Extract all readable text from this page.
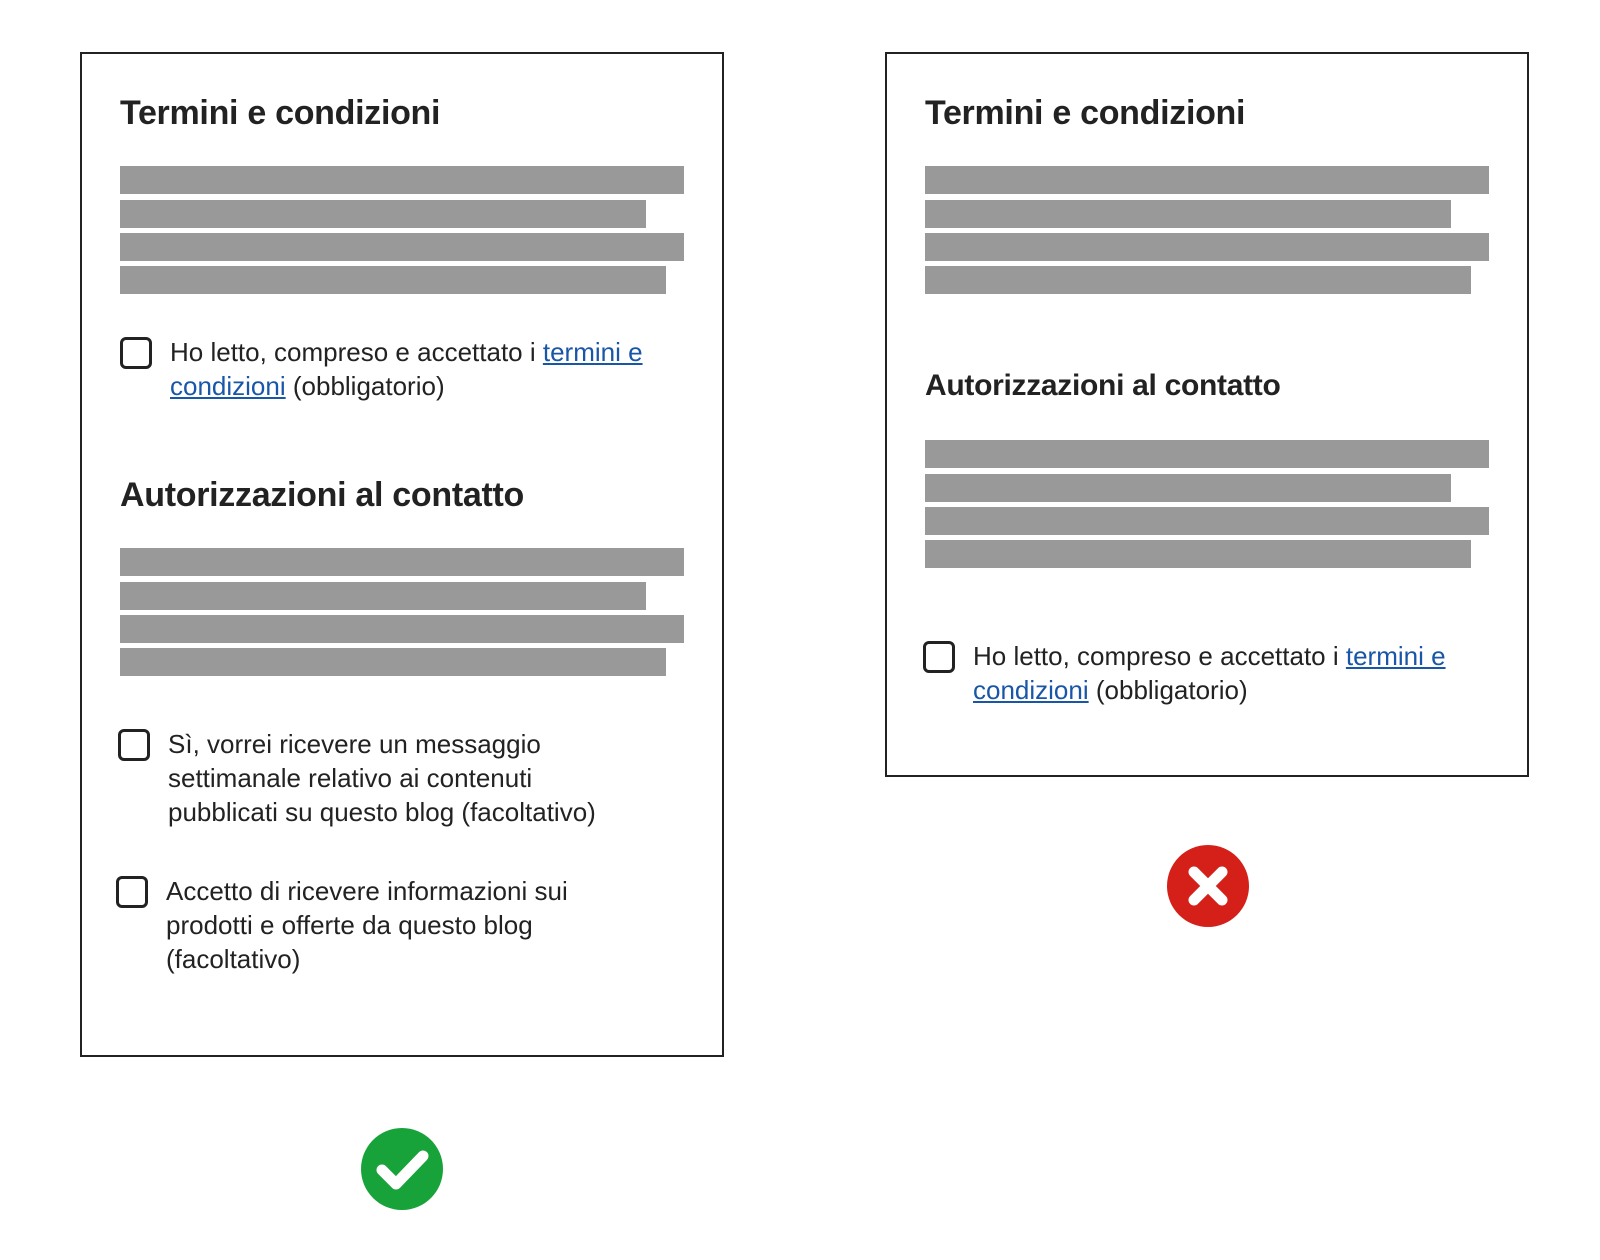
Termini e condizioni
Ho letto, compreso e accettato i termini e condizioni (obbligatorio)
Autorizzazioni al contatto
Sì, vorrei ricevere un messaggio settimanale relativo ai contenuti pubblicati su questo blog (facoltativo)
Accetto di ricevere informazioni sui prodotti e offerte da questo blog (facoltativo)
Termini e condizioni
Autorizzazioni al contatto
Ho letto, compreso e accettato i termini e condizioni (obbligatorio)
